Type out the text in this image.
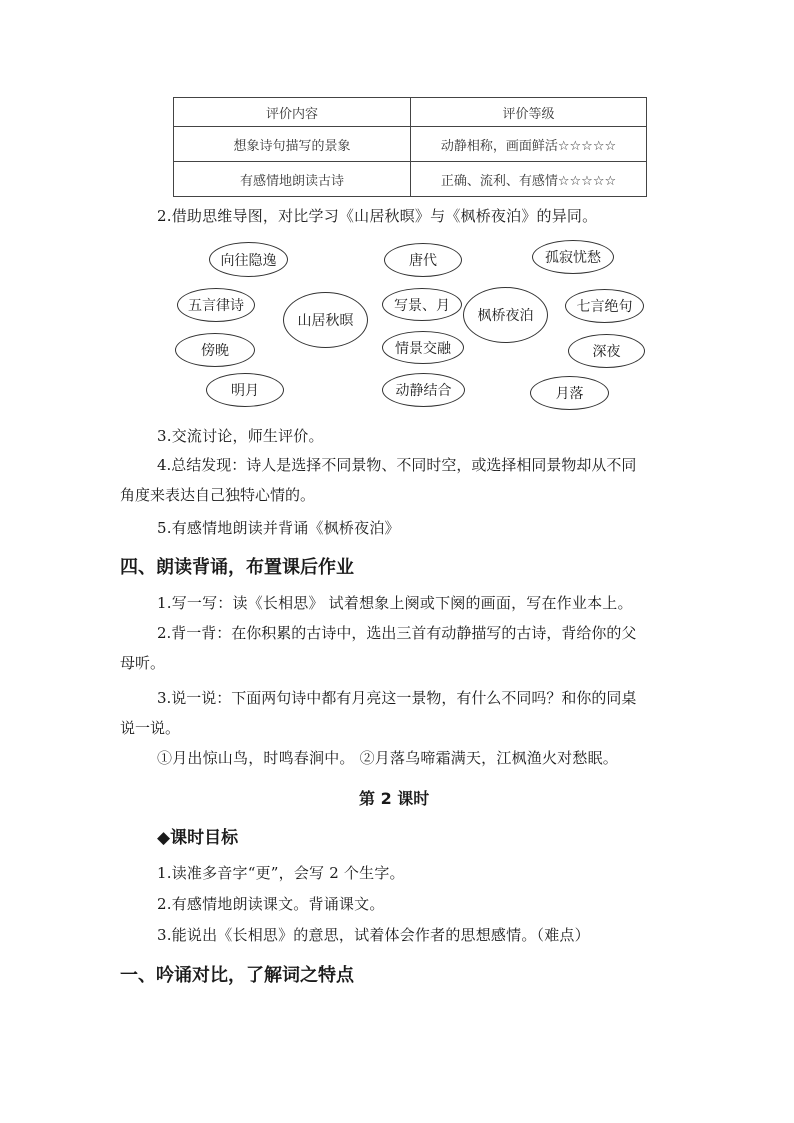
评价内容	评价等级
想象诗句描写的景象	动静相称，画面鲜活☆☆☆☆☆
有感情地朗读古诗	正确、流利、有感情☆☆☆☆☆
2.借助思维导图，对比学习《山居秋暝》与《枫桥夜泊》的异同。
向往隐逸
五言律诗
傍晚
明月
山居秋暝
唐代
写景、月
情景交融
动静结合
枫桥夜泊
孤寂忧愁
七言绝句
深夜
月落
3.交流讨论，师生评价。
4.总结发现：诗人是选择不同景物、不同时空，或选择相同景物却从不同角度来表达自己独特心情的。
5.有感情地朗读并背诵《枫桥夜泊》
四、朗读背诵，布置课后作业
1.写一写：读《长相思》 试着想象上阕或下阕的画面，写在作业本上。
2.背一背：在你积累的古诗中，选出三首有动静描写的古诗，背给你的父母听。
3.说一说：下面两句诗中都有月亮这一景物，有什么不同吗？和你的同桌说一说。
①月出惊山鸟，时鸣春涧中。 ②月落乌啼霜满天，江枫渔火对愁眠。
第 2 课时
◆课时目标
1.读准多音字“更”，会写 2 个生字。
2.有感情地朗读课文。背诵课文。
3.能说出《长相思》的意思，试着体会作者的思想感情。（难点）
一、吟诵对比，了解词之特点
